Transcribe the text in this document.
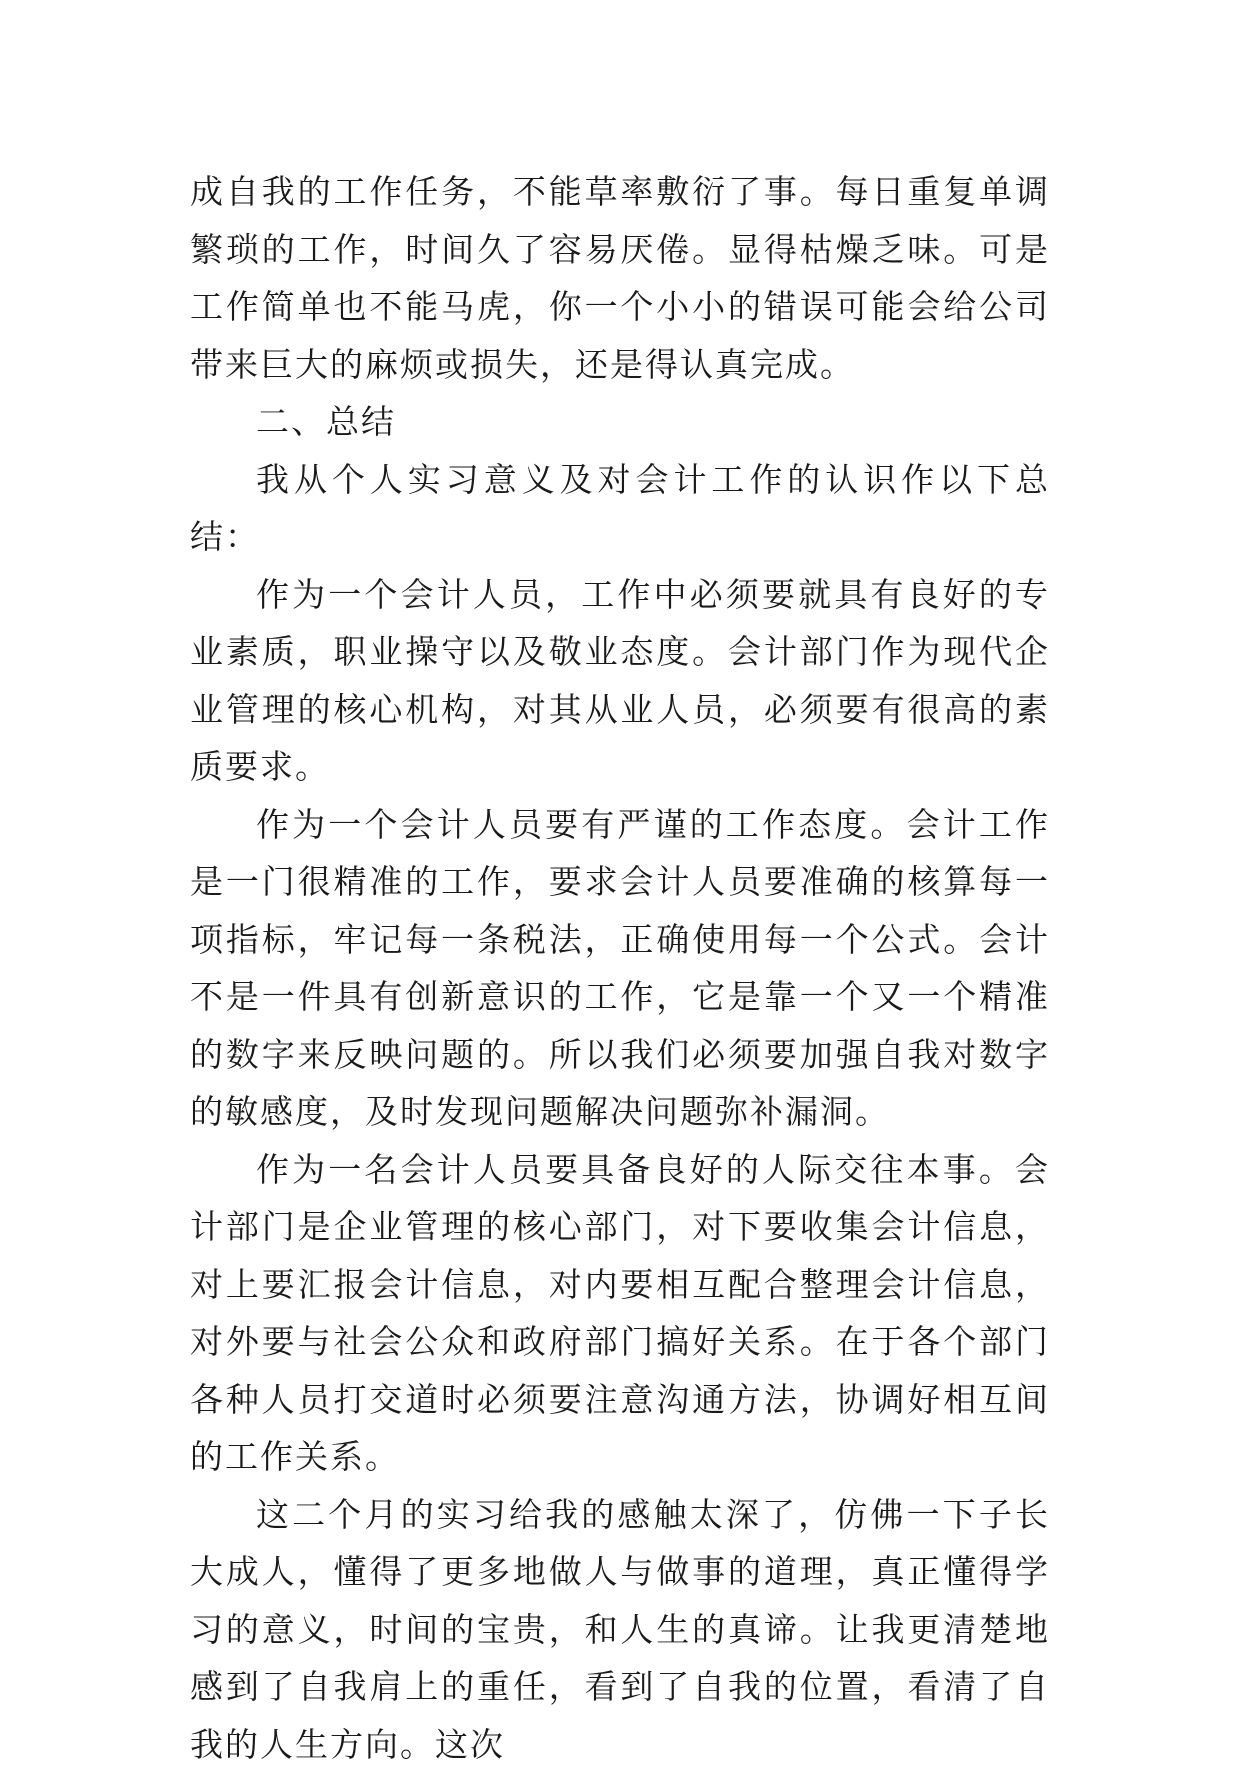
成自我的工作任务，不能草率敷衍了事。每日重复单调繁琐的工作，时间久了容易厌倦。显得枯燥乏味。可是工作简单也不能马虎，你一个小小的错误可能会给公司带来巨大的麻烦或损失，还是得认真完成。

二、总结

我从个人实习意义及对会计工作的认识作以下总结：

作为一个会计人员，工作中必须要就具有良好的专业素质，职业操守以及敬业态度。会计部门作为现代企业管理的核心机构，对其从业人员，必须要有很高的素质要求。

作为一个会计人员要有严谨的工作态度。会计工作是一门很精准的工作，要求会计人员要准确的核算每一项指标，牢记每一条税法，正确使用每一个公式。会计不是一件具有创新意识的工作，它是靠一个又一个精准的数字来反映问题的。所以我们必须要加强自我对数字的敏感度，及时发现问题解决问题弥补漏洞。

作为一名会计人员要具备良好的人际交往本事。会计部门是企业管理的核心部门，对下要收集会计信息，对上要汇报会计信息，对内要相互配合整理会计信息，对外要与社会公众和政府部门搞好关系。在于各个部门各种人员打交道时必须要注意沟通方法，协调好相互间的工作关系。

这二个月的实习给我的感触太深了，仿佛一下子长大成人，懂得了更多地做人与做事的道理，真正懂得学习的意义，时间的宝贵，和人生的真谛。让我更清楚地感到了自我肩上的重任，看到了自我的位置，看清了自我的人生方向。这次
